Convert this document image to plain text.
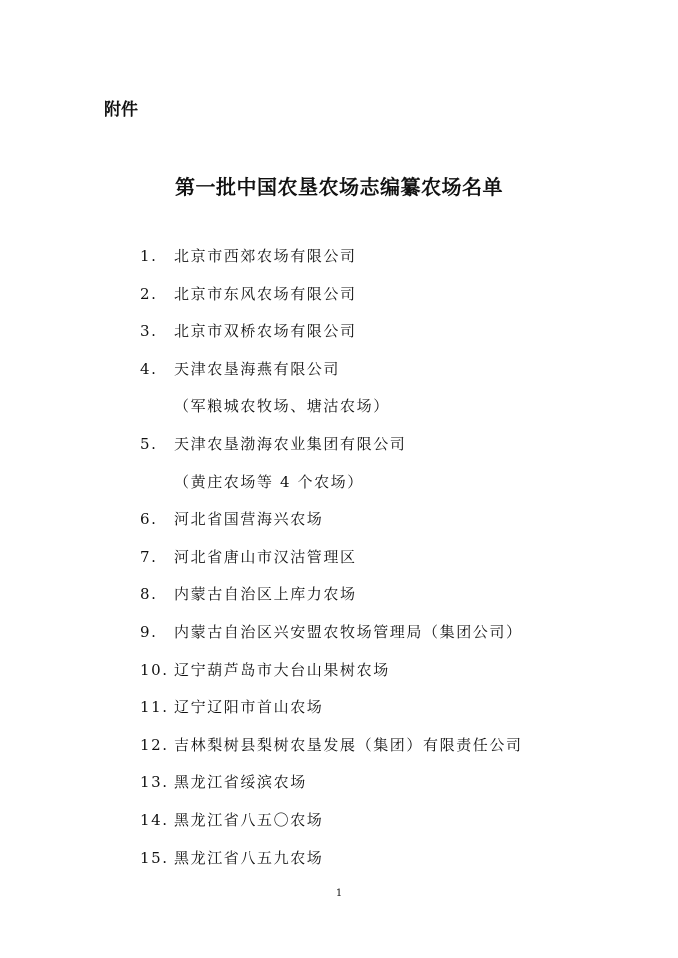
附件
第一批中国农垦农场志编纂农场名单
1.	北京市西郊农场有限公司
2.	北京市东风农场有限公司
3.	北京市双桥农场有限公司
4.	天津农垦海燕有限公司
（军粮城农牧场、塘沽农场）
5.	天津农垦渤海农业集团有限公司
（黄庄农场等 4 个农场）
6.	河北省国营海兴农场
7.	河北省唐山市汉沽管理区
8.	内蒙古自治区上库力农场
9.	内蒙古自治区兴安盟农牧场管理局（集团公司）
10. 辽宁葫芦岛市大台山果树农场
11. 辽宁辽阳市首山农场
12. 吉林梨树县梨树农垦发展（集团）有限责任公司
13. 黑龙江省绥滨农场
14. 黑龙江省八五〇农场
15. 黑龙江省八五九农场
1
